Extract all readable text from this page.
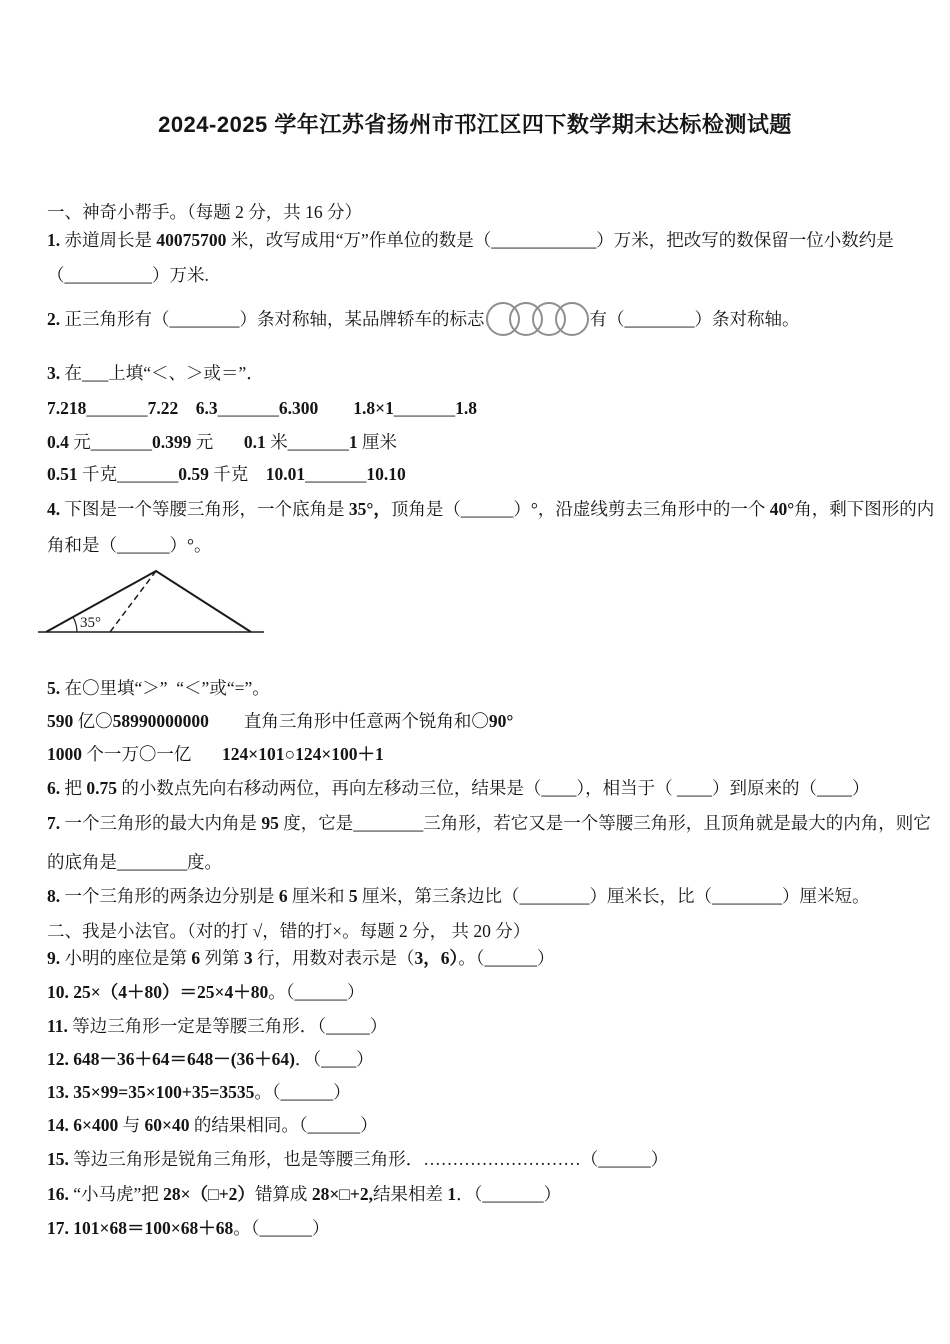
2024-2025 学年江苏省扬州市邗江区四下数学期末达标检测试题
一、神奇小帮手。（每题 2 分，共 16 分）
1. 赤道周长是 40075700 米，改写成用“万”作单位的数是（____________）万米，把改写的数保留一位小数约是
（__________）万米.
2. 正三角形有（________）条对称轴，某品牌轿车的标志	有（________）条对称轴。
3. 在___上填“＜、＞或＝”．
7.218_______7.22 6.3_______6.300 1.8×1_______1.8
0.4 元_______0.399 元       0.1 米_______1 厘米
0.51 千克_______0.59 千克    10.01_______10.10
4. 下图是一个等腰三角形，一个底角是 35°，顶角是（______）°，沿虚线剪去三角形中的一个 40°角，剩下图形的内
角和是（______）°。
35°
5. 在〇里填“＞”  “＜”或“=”。
590 亿〇58990000000        直角三角形中任意两个锐角和〇90°
1000 个一万〇一亿       124×101○124×100＋1
6. 把 0.75 的小数点先向右移动两位，再向左移动三位，结果是（____），相当于（ ____）到原来的（____）
7. 一个三角形的最大内角是 95 度，它是________三角形，若它又是一个等腰三角形，且顶角就是最大的内角，则它
的底角是________度。
8. 一个三角形的两条边分别是 6 厘米和 5 厘米，第三条边比（________）厘米长，比（________）厘米短。
二、我是小法官。（对的打 √，错的打×。每题 2 分， 共 20 分）
9. 小明的座位是第 6 列第 3 行，用数对表示是（3，6）。（______）
10. 25×（4＋80）＝25×4＋80。（______）
11. 等边三角形一定是等腰三角形．（_____）
12. 648－36＋64＝648－(36＋64)．（____）
13. 35×99=35×100+35=3535。（______）
14. 6×400 与 60×40 的结果相同。（______）
15. 等边三角形是锐角三角形，也是等腰三角形．………………………（______）
16. “小马虎”把 28×（□+2）错算成 28×□+2,结果相差 1．（_______）
17. 101×68＝100×68＋68。（______）
